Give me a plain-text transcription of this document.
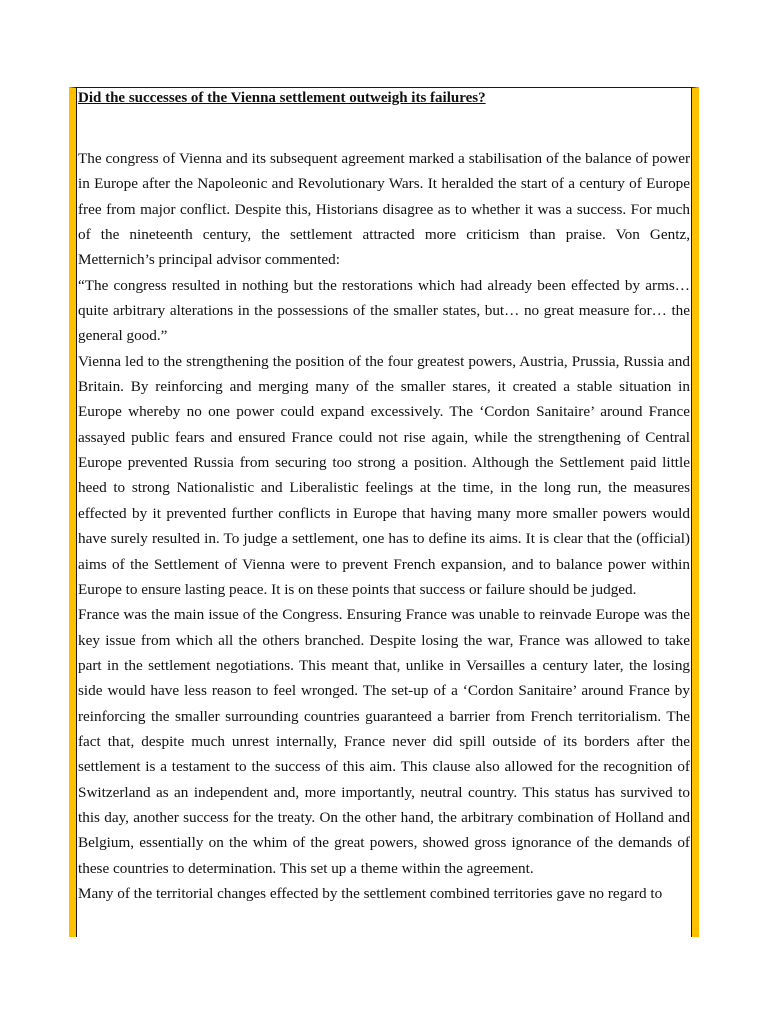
Did the successes of the Vienna settlement outweigh its failures?

The congress of Vienna and its subsequent agreement marked a stabilisation of the balance of power in Europe after the Napoleonic and Revolutionary Wars. It heralded the start of a century of Europe free from major conflict. Despite this, Historians disagree as to whether it was a success. For much of the nineteenth century, the settlement attracted more criticism than praise. Von Gentz, Metternich’s principal advisor commented:

“The congress resulted in nothing but the restorations which had already been effected by arms… quite arbitrary alterations in the possessions of the smaller states, but… no great measure for… the general good.”

Vienna led to the strengthening the position of the four greatest powers, Austria, Prussia, Russia and Britain. By reinforcing and merging many of the smaller stares, it created a stable situation in Europe whereby no one power could expand excessively. The ‘Cordon Sanitaire’ around France assayed public fears and ensured France could not rise again, while the strengthening of Central Europe prevented Russia from securing too strong a position. Although the Settlement paid little heed to strong Nationalistic and Liberalistic feelings at the time, in the long run, the measures effected by it prevented further conflicts in Europe that having many more smaller powers would have surely resulted in. To judge a settlement, one has to define its aims. It is clear that the (official) aims of the Settlement of Vienna were to prevent French expansion, and to balance power within Europe to ensure lasting peace. It is on these points that success or failure should be judged.

France was the main issue of the Congress. Ensuring France was unable to reinvade Europe was the key issue from which all the others branched. Despite losing the war, France was allowed to take part in the settlement negotiations. This meant that, unlike in Versailles a century later, the losing side would have less reason to feel wronged. The set-up of a ‘Cordon Sanitaire’ around France by reinforcing the smaller surrounding countries guaranteed a barrier from French territorialism. The fact that, despite much unrest internally, France never did spill outside of its borders after the settlement is a testament to the success of this aim. This clause also allowed for the recognition of Switzerland as an independent and, more importantly, neutral country. This status has survived to this day, another success for the treaty. On the other hand, the arbitrary combination of Holland and Belgium, essentially on the whim of the great powers, showed gross ignorance of the demands of these countries to determination. This set up a theme within the agreement.

Many of the territorial changes effected by the settlement combined territories gave no regard to
